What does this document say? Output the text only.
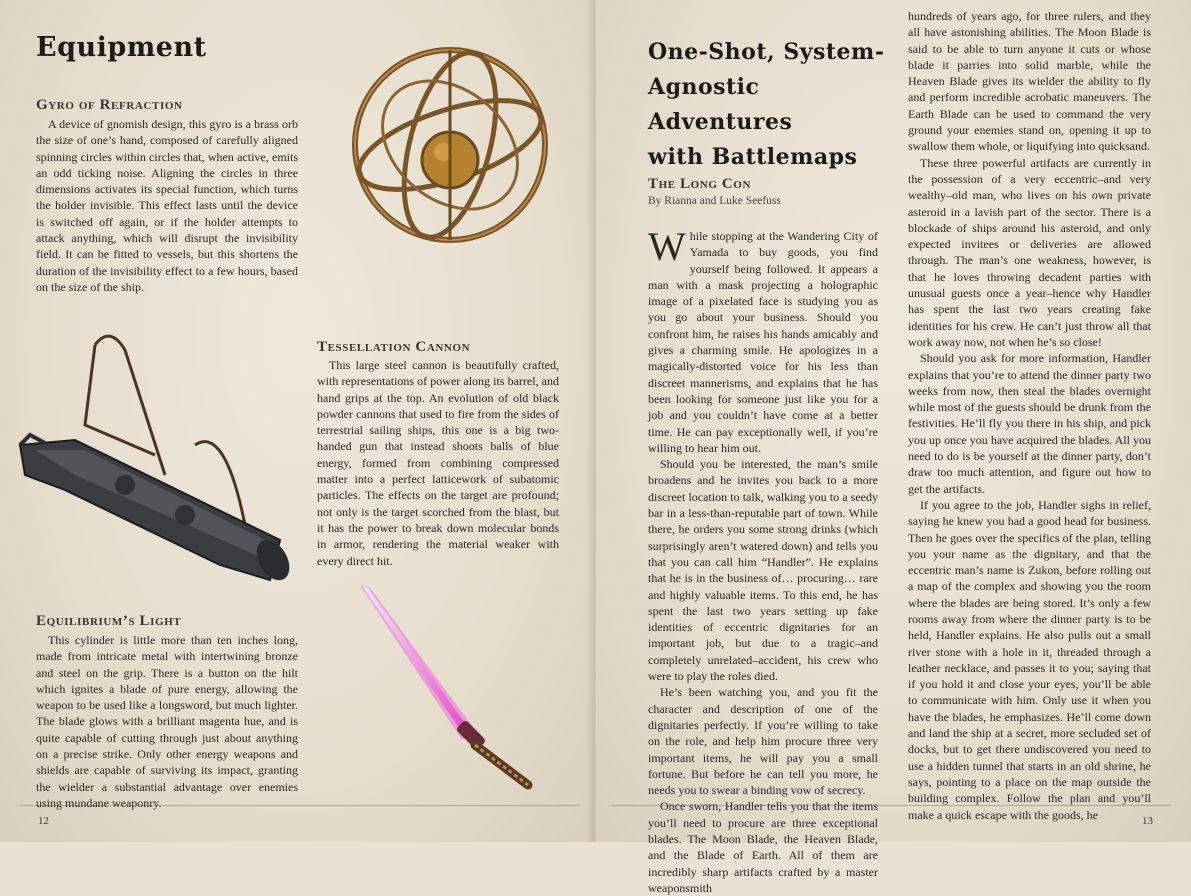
Equipment
Gyro of Refraction

A device of gnomish design, this gyro is a brass orb the size of one’s hand, composed of carefully aligned spinning circles within circles that, when active, emits an odd ticking noise. Aligning the circles in three dimensions activates its special function, which turns the holder invisible. This effect lasts until the device is switched off again, or if the holder attempts to attack anything, which will disrupt the invisibility field. It can be fitted to vessels, but this shortens the duration of the invisibility effect to a few hours, based on the size of the ship.

Tessellation Cannon

This large steel cannon is beautifully crafted, with representations of power along its barrel, and hand grips at the top. An evolution of old black powder cannons that used to fire from the sides of terrestrial sailing ships, this one is a big two-handed gun that instead shoots balls of blue energy, formed from combining compressed matter into a perfect latticework of subatomic particles. The effects on the target are profound; not only is the target scorched from the blast, but it has the power to break down molecular bonds in armor, rendering the material weaker with every direct hit.

Equilibrium’s Light

This cylinder is little more than ten inches long, made from intricate metal with intertwining bronze and steel on the grip. There is a button on the hilt which ignites a blade of pure energy, allowing the weapon to be used like a longsword, but much lighter. The blade glows with a brilliant magenta hue, and is quite capable of cutting through just about anything on a precise strike. Only other energy weapons and shields are capable of surviving its impact, granting the wielder a substantial advantage over enemies using mundane weaponry.

12
One-Shot, System-
Agnostic Adventures
with Battlemaps
The Long Con
By Rianna and Luke Seefuss

While stopping at the Wandering City of Yamada to buy goods, you find yourself being followed. It appears a man with a mask projecting a holographic image of a pixelated face is studying you as you go about your business. Should you confront him, he raises his hands amicably and gives a charming smile. He apologizes in a magically-distorted voice for his less than discreet mannerisms, and explains that he has been looking for someone just like you for a job and you couldn’t have come at a better time. He can pay exceptionally well, if you’re willing to hear him out.

Should you be interested, the man’s smile broadens and he invites you back to a more discreet location to talk, walking you to a seedy bar in a less-than-reputable part of town. While there, he orders you some strong drinks (which surprisingly aren’t watered down) and tells you that you can call him “Handler”. He explains that he is in the business of… procuring… rare and highly valuable items. To this end, he has spent the last two years setting up fake identities of eccentric dignitaries for an important job, but due to a tragic–and completely unrelated–accident, his crew who were to play the roles died.

He’s been watching you, and you fit the character and description of one of the dignitaries perfectly. If you’re willing to take on the role, and help him procure three very important items, he will pay you a small fortune. But before he can tell you more, he needs you to swear a binding vow of secrecy.

Once sworn, Handler tells you that the items you’ll need to procure are three exceptional blades. The Moon Blade, the Heaven Blade, and the Blade of Earth. All of them are incredibly sharp artifacts crafted by a master weaponsmith

hundreds of years ago, for three rulers, and they all have astonishing abilities. The Moon Blade is said to be able to turn anyone it cuts or whose blade it parries into solid marble, while the Heaven Blade gives its wielder the ability to fly and perform incredible acrobatic maneuvers. The Earth Blade can be used to command the very ground your enemies stand on, opening it up to swallow them whole, or liquifying into quicksand.

These three powerful artifacts are currently in the possession of a very eccentric–and very wealthy–old man, who lives on his own private asteroid in a lavish part of the sector. There is a blockade of ships around his asteroid, and only expected invitees or deliveries are allowed through. The man’s one weakness, however, is that he loves throwing decadent parties with unusual guests once a year–hence why Handler has spent the last two years creating fake identities for his crew. He can’t just throw all that work away now, not when he’s so close!

Should you ask for more information, Handler explains that you’re to attend the dinner party two weeks from now, then steal the blades overnight while most of the guests should be drunk from the festivities. He’ll fly you there in his ship, and pick you up once you have acquired the blades. All you need to do is be yourself at the dinner party, don’t draw too much attention, and figure out how to get the artifacts.

If you agree to the job, Handler sighs in relief, saying he knew you had a good head for business. Then he goes over the specifics of the plan, telling you your name as the dignitary, and that the eccentric man’s name is Zukon, before rolling out a map of the complex and showing you the room where the blades are being stored. It’s only a few rooms away from where the dinner party is to be held, Handler explains. He also pulls out a small river stone with a hole in it, threaded through a leather necklace, and passes it to you; saying that if you hold it and close your eyes, you’ll be able to communicate with him. Only use it when you have the blades, he emphasizes. He’ll come down and land the ship at a secret, more secluded set of docks, but to get there undiscovered you need to use a hidden tunnel that starts in an old shrine, he says, pointing to a place on the map outside the building complex. Follow the plan and you’ll make a quick escape with the goods, he	13
